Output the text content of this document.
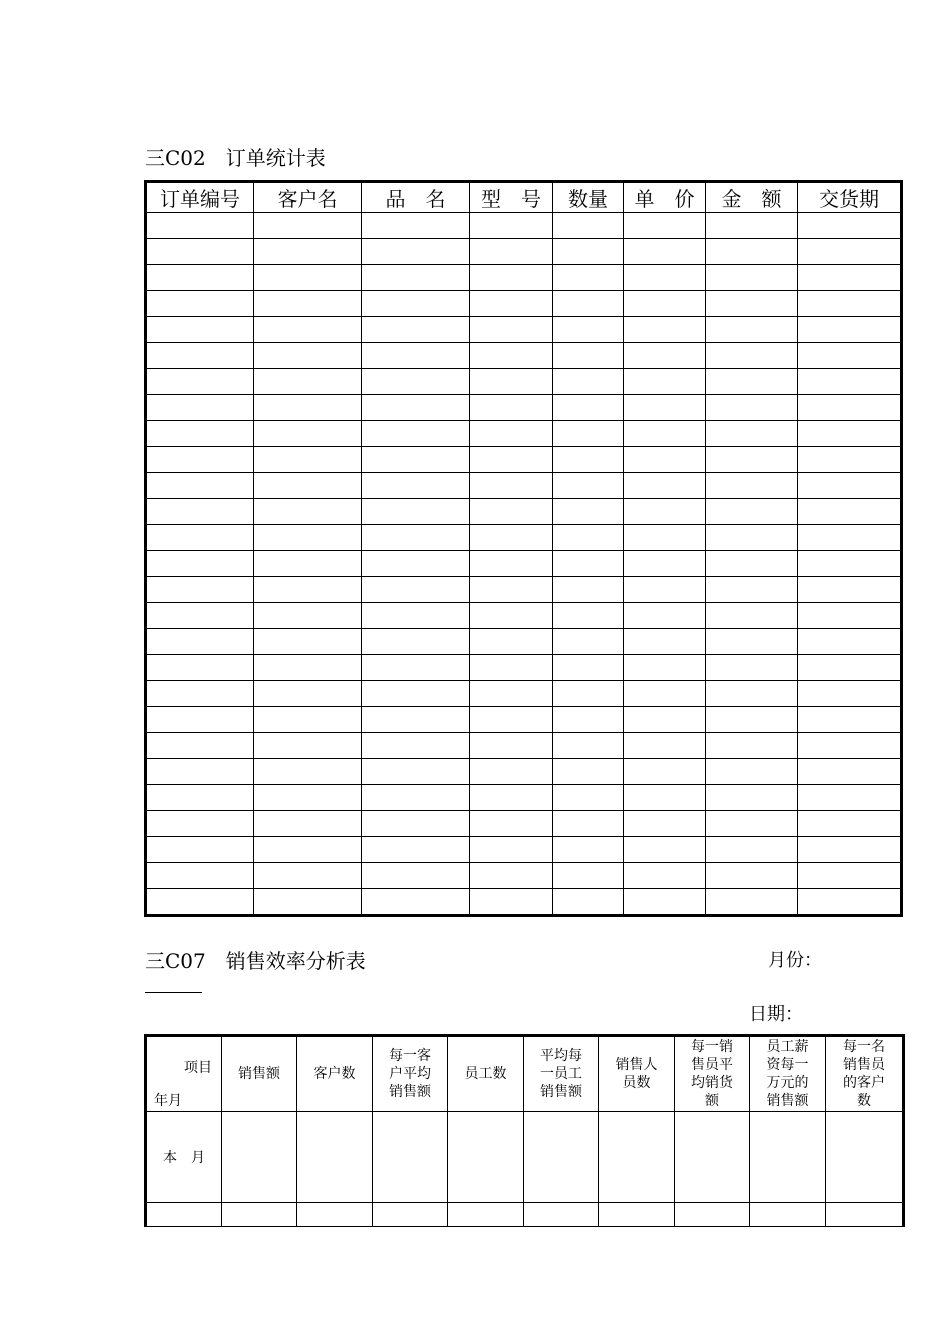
三C02　订单统计表
订单编号	客户名	品　名	型　号	数量	单　价	金　额	交货期

三C07　销售效率分析表	月份：
日期：
项目
年月	销售额	客户数	每一客户平均销售额	员工数	平均每一员工销售额	销售人员数	每一销售员平均销货额	员工薪资每一万元的销售额	每一名销售员的客户数

本　月									
